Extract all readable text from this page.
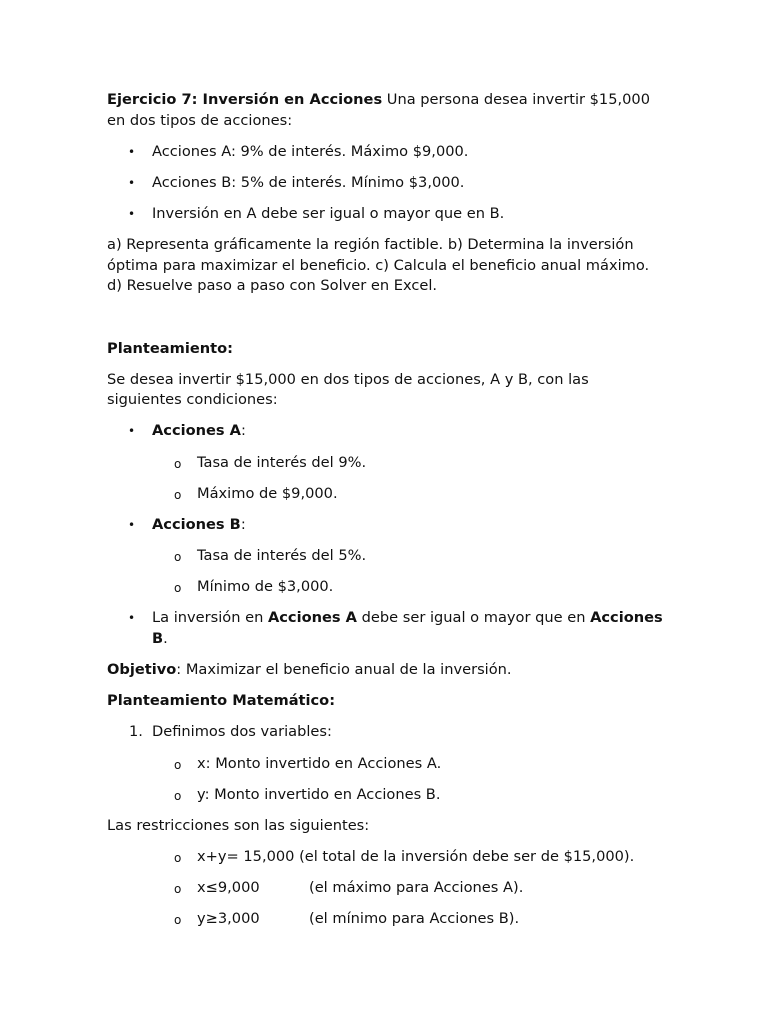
Ejercicio 7: Inversión en Acciones Una persona desea invertir $15,000 en dos tipos de acciones:

•	Acciones A: 9% de interés. Máximo $9,000.
•	Acciones B: 5% de interés. Mínimo $3,000.
•	Inversión en A debe ser igual o mayor que en B.

a) Representa gráficamente la región factible. b) Determina la inversión óptima para maximizar el beneficio. c) Calcula el beneficio anual máximo. d) Resuelve paso a paso con Solver en Excel.

Planteamiento:

Se desea invertir $15,000 en dos tipos de acciones, A y B, con las siguientes condiciones:

•	Acciones A:
o	Tasa de interés del 9%.
o	Máximo de $9,000.
•	Acciones B:
o	Tasa de interés del 5%.
o	Mínimo de $3,000.
•	La inversión en Acciones A debe ser igual o mayor que en Acciones B.

Objetivo: Maximizar el beneficio anual de la inversión.

Planteamiento Matemático:

1. Definimos dos variables:
o	x: Monto invertido en Acciones A.
o	y: Monto invertido en Acciones B.

Las restricciones son las siguientes:

o	x+y= 15,000 (el total de la inversión debe ser de $15,000).
o	x≤9,000	(el máximo para Acciones A).
o	y≥3,000	(el mínimo para Acciones B).
